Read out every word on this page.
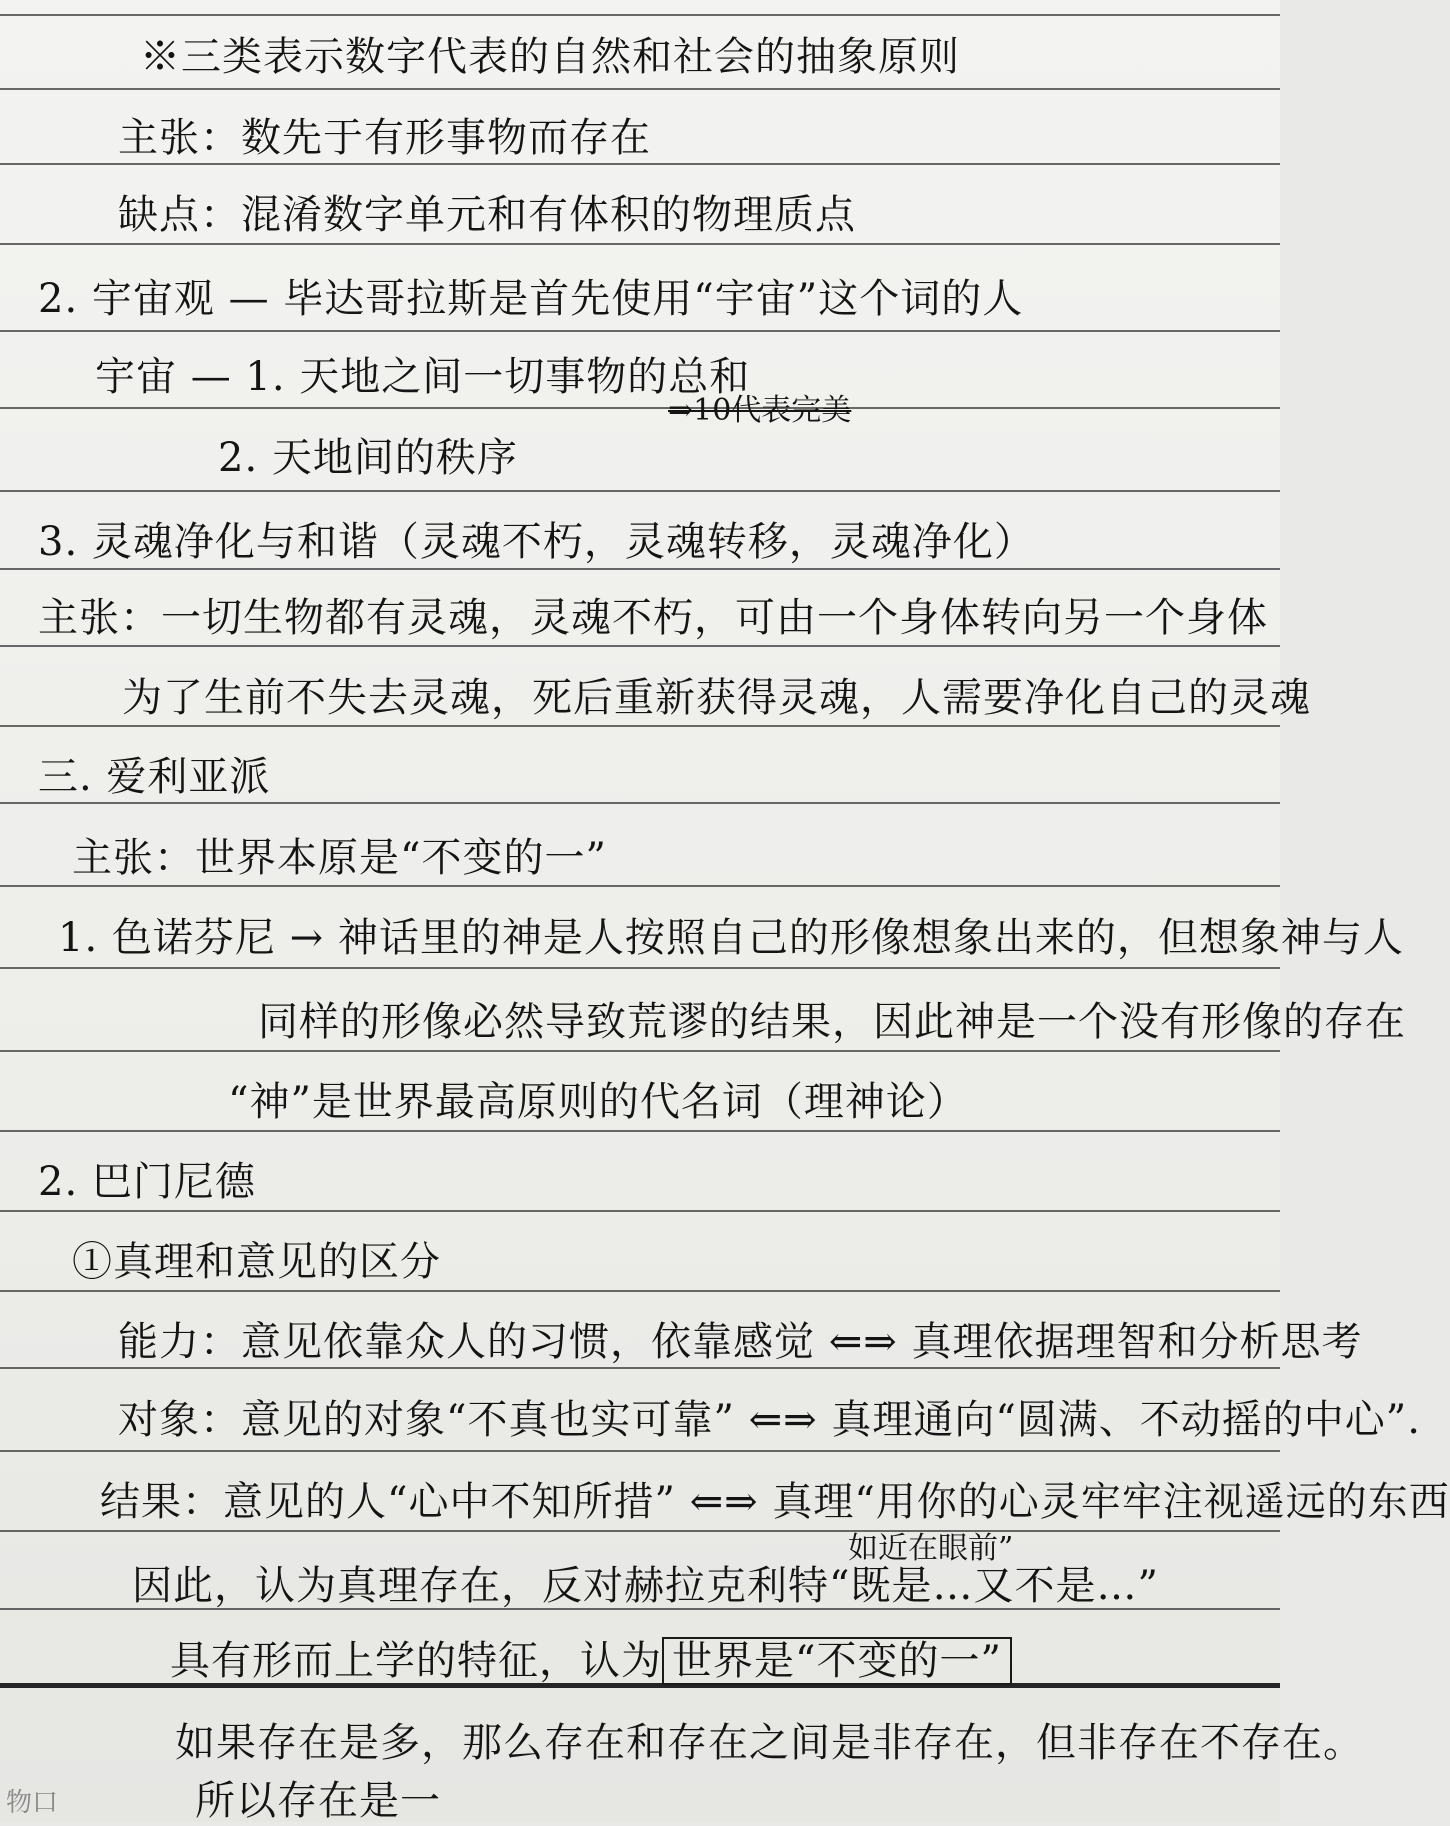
※三类表示数字代表的自然和社会的抽象原则
主张：数先于有形事物而存在
缺点：混淆数字单元和有体积的物理质点
2. 宇宙观 — 毕达哥拉斯是首先使用“宇宙”这个词的人
宇宙 — 1. 天地之间一切事物的总和
⇒10代表完美
2. 天地间的秩序
3. 灵魂净化与和谐（灵魂不朽，灵魂转移，灵魂净化）
主张：一切生物都有灵魂，灵魂不朽，可由一个身体转向另一个身体
为了生前不失去灵魂，死后重新获得灵魂，人需要净化自己的灵魂
三. 爱利亚派
主张：世界本原是“不变的一”
1. 色诺芬尼 → 神话里的神是人按照自己的形像想象出来的，但想象神与人
同样的形像必然导致荒谬的结果，因此神是一个没有形像的存在
“神”是世界最高原则的代名词（理神论）
2. 巴门尼德
①真理和意见的区分
能力：意见依靠众人的习惯，依靠感觉 ⇐⇒ 真理依据理智和分析思考
对象：意见的对象“不真也实可靠” ⇐⇒ 真理通向“圆满、不动摇的中心”.
结果：意见的人“心中不知所措” ⇐⇒ 真理“用你的心灵牢牢注视遥远的东西
如近在眼前”
因此，认为真理存在，反对赫拉克利特“既是…又不是…”
具有形而上学的特征，认为 世界是“不变的一”
如果存在是多，那么存在和存在之间是非存在，但非存在不存在。
所以存在是一
物口
